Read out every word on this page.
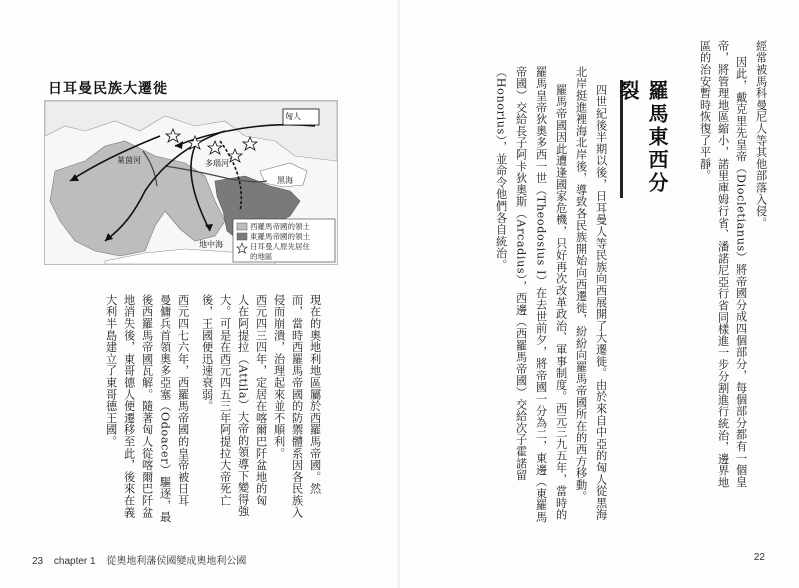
日耳曼民族大遷徙
匈人
萊茵河	多瑙河
黑海
地中海
西羅馬帝國的領土
東羅馬帝國的領土
日耳曼人原先居住
的地區
現在的奧地利地區屬於西羅馬帝國。然
而，當時西羅馬帝國的防禦體系因各民族入
侵而崩潰，治理起來並不順利。
西元四三四年，定居在喀爾巴阡盆地的匈
人在阿提拉（Attila）大帝的領導下變得強
大。可是在西元四五三年阿提拉大帝死亡
後，王國便迅速衰弱。
西元四七六年，西羅馬帝國的皇帝被日耳
曼傭兵首領奧多亞塞（Odoacer）驅逐，最
後西羅馬帝國瓦解。隨著匈人從喀爾巴阡盆
地消失後，東哥德人便遷移至此，後來在義
大利半島建立了東哥德王國。
23 chapter 1 從奧地利藩侯國變成奧地利公國
經常被馬科曼尼人等其他部落入侵。
因此，戴克里先皇帝（Diocletianus）將帝國分成四個部分，每個部分都有一個皇
帝，將管理地區縮小，諾里庫姆行省、潘諾尼亞行省同樣進一步分割進行統治，邊界地
區的治安暫時恢復了平靜。
羅馬東西分裂
四世紀後半期以後，日耳曼人等民族向西展開了大遷徙。由於來自中亞的匈人從黑海
北岸挺進裡海北岸後，導致各民族開始向西遷徙，紛紛向羅馬帝國所在的西方移動。
羅馬帝國因此遭逢國家危機，只好再次改革政治、軍事制度。西元三九五年，當時的
羅馬皇帝狄奧多西一世（Theodosius I）在去世前夕，將帝國一分為二，東邊（東羅馬
帝國）交給長子阿卡狄奧斯（Arcadius），西邊（西羅馬帝國）交給次子霍諾留
（Honorius），並命令他們各自統治。
22
